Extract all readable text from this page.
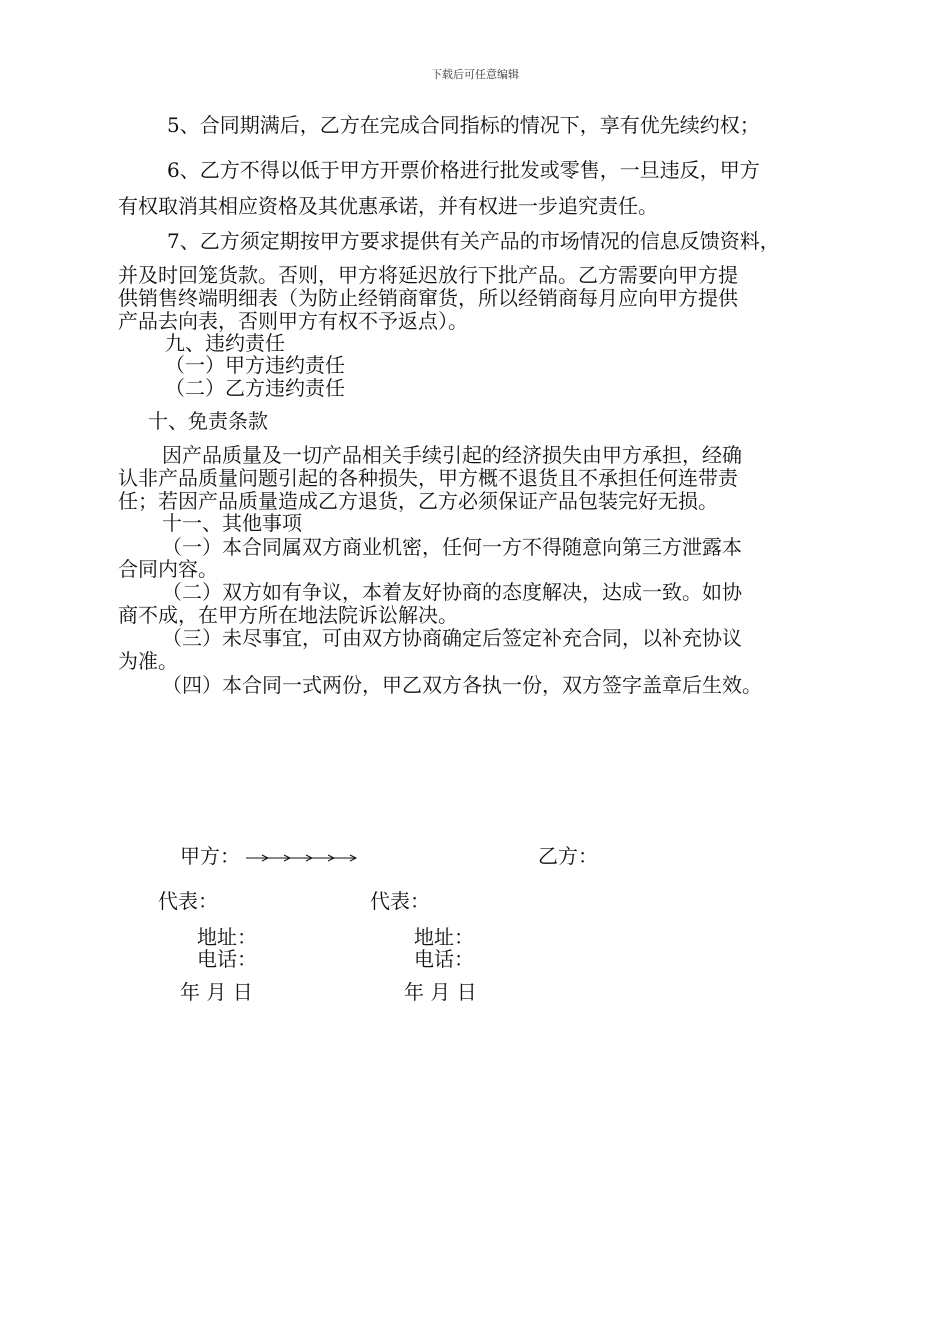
下载后可任意编辑
5、合同期满后，乙方在完成合同指标的情况下，享有优先续约权；
6、乙方不得以低于甲方开票价格进行批发或零售，一旦违反，甲方
有权取消其相应资格及其优惠承诺，并有权进一步追究责任。
7、乙方须定期按甲方要求提供有关产品的市场情况的信息反馈资料，
并及时回笼货款。否则，甲方将延迟放行下批产品。乙方需要向甲方提
供销售终端明细表（为防止经销商窜货，所以经销商每月应向甲方提供
产品去向表，否则甲方有权不予返点）。
九、违约责任
（一）甲方违约责任
（二）乙方违约责任
十、免责条款
因产品质量及一切产品相关手续引起的经济损失由甲方承担，经确
认非产品质量问题引起的各种损失，甲方概不退货且不承担任何连带责
任；若因产品质量造成乙方退货，乙方必须保证产品包装完好无损。
十一、其他事项
（一）本合同属双方商业机密，任何一方不得随意向第三方泄露本
合同内容。
（二）双方如有争议，本着友好协商的态度解决，达成一致。如协
商不成，在甲方所在地法院诉讼解决。
（三）未尽事宜，可由双方协商确定后签定补充合同，以补充协议
为准。
（四）本合同一式两份，甲乙双方各执一份，双方签字盖章后生效。
甲方：	乙方：
代表：	代表：
地址：	地址：
电话：	电话：
年 月 日	年 月 日
